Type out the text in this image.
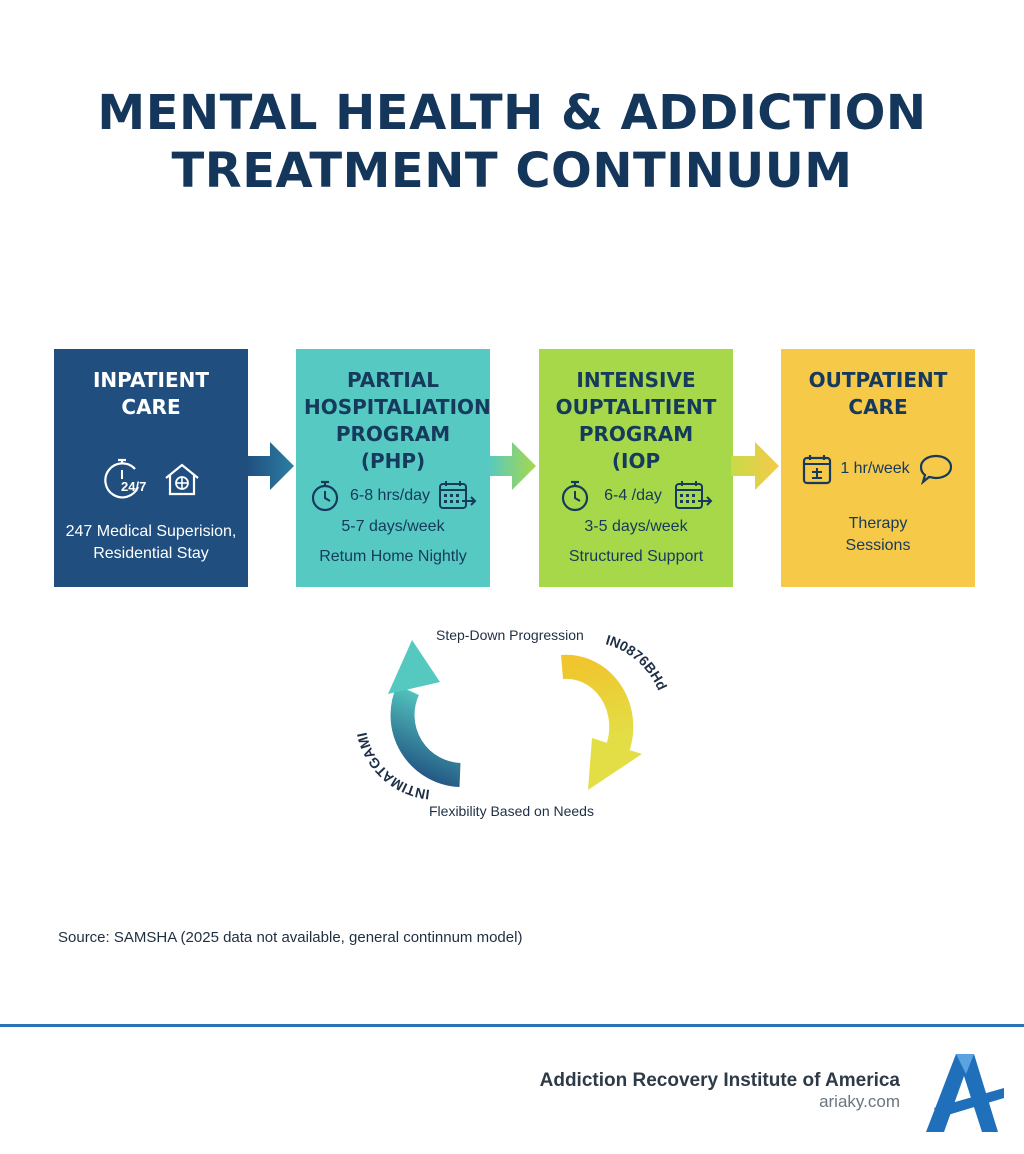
MENTAL HEALTH & ADDICTION
TREATMENT CONTINUUM
INPATIENT
CARE
24/7
247 Medical Superision,
Residential Stay
PARTIAL
HOSPITALIATION
PROGRAM
(PHP)
6-8 hrs/day
5-7 days/week
Retum Home Nightly
INTENSIVE
OUPTALITIENT
PROGRAM
(IOP
6-4 /day
3-5 days/week
Structured Support
OUTPATIENT
CARE
1 hr/week
Therapy
Sessions
INTIMATGAMI
IN0876BHd
Step-Down Progression
Flexibility Based on Needs
Source: SAMSHA (2025 data not available, general continnum model)
Addiction Recovery Institute of America
ariaky.com
